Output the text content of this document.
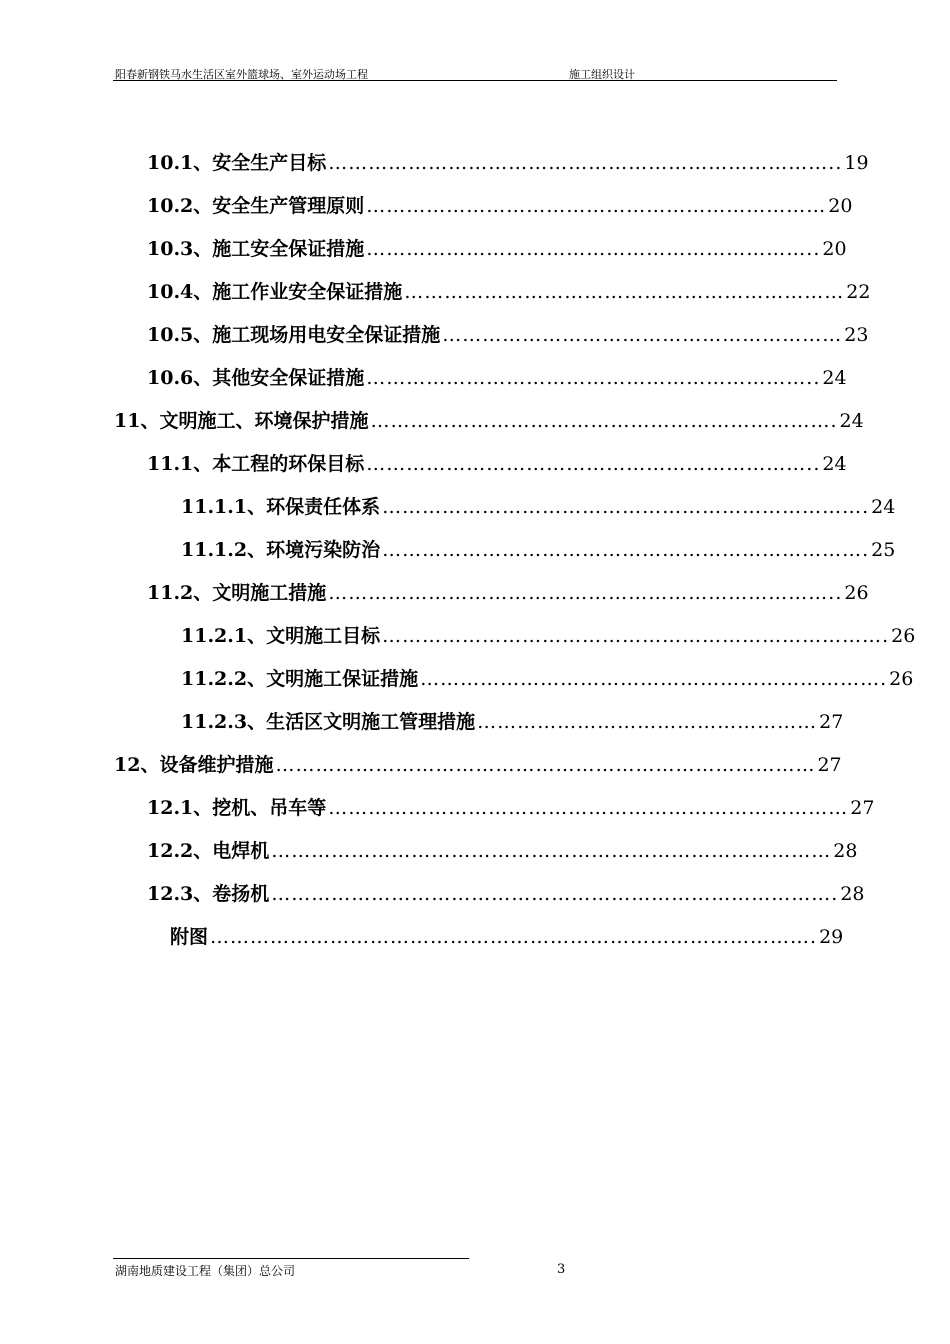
阳春新钢铁马水生活区室外篮球场、室外运动场工程	施工组织设计
10.1、安全生产目标 ………………………………………………………………….. 19
10.2、安全生产管理原则 …………………………………………………………… 20
10.3、施工安全保证措施 ………………………………………………………….. 20
10.4、施工作业安全保证措施 ………………………………………………………… 22
10.5、施工现场用电安全保证措施 …………………………………………………… 23
10.6、其他安全保证措施 ………………………………………………………….. 24
11、文明施工、环境保护措施 ……………………………………………………………. 24
11.1、本工程的环保目标 ………………………………………………………….. 24
11.1.1、环保责任体系 ………………………………………………………………. 24
11.1.2、环境污染防治 ………………………………………………………………. 25
11.2、文明施工措施 ………………………………………………………………….. 26
11.2.1、文明施工目标 …………………………………………………………………. 26
11.2.2、文明施工保证措施 ……………………………………………………………. 26
11.2.3、生活区文明施工管理措施 …………………………………………… 27
12、设备维护措施 ……………………………………………………………………… 27
12.1、挖机、吊车等 …………………………………………………………………… 27
12.2、电焊机 ………………………………………………………………………… 28
12.3、卷扬机 …………………………………………………………………………. 28
附图 ………………………………………………………………………………. 29
湖南地质建设工程（集团）总公司	3
